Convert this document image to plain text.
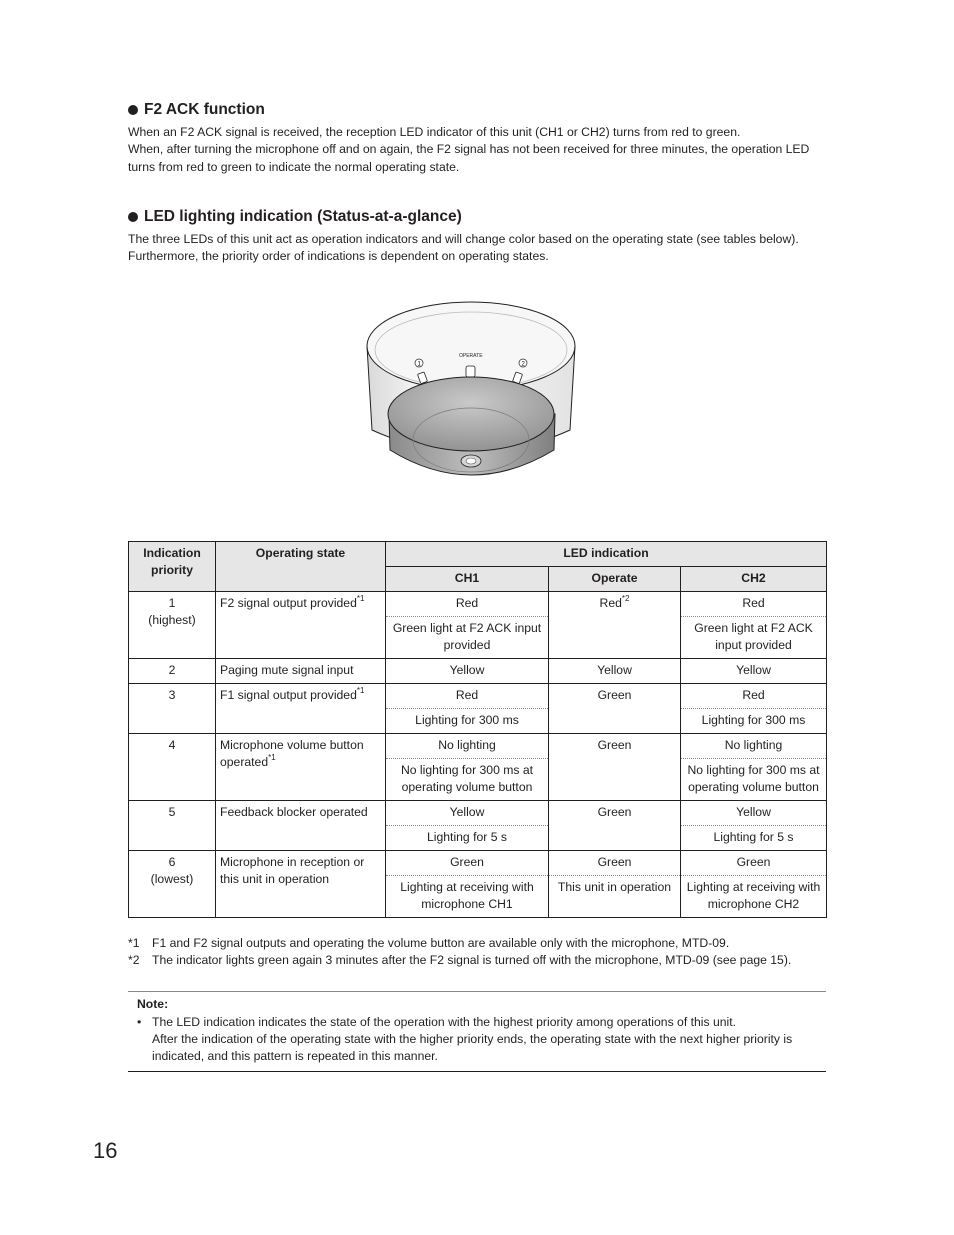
F2 ACK function

When an F2 ACK signal is received, the reception LED indicator of this unit (CH1 or CH2) turns from red to green.

When, after turning the microphone off and on again, the F2 signal has not been received for three minutes, the operation LED turns from red to green to indicate the normal operating state.

LED lighting indication (Status-at-a-glance)

The three LEDs of this unit act as operation indicators and will change color based on the operating state (see tables below).

Furthermore, the priority order of indications is dependent on operating states.

OPERATE
1	2
Indication priority	Operating state	LED indication		
		CH1	Operate	CH2

1
(highest)	F2 signal output provided$^{*1}$	Red	Red$^{*2}$	Red
		Green light at F2 ACK input provided		Green light at F2 ACK input provided
2	Paging mute signal input	Yellow	Yellow	Yellow
3	F1 signal output provided$^{*1}$	Red	Green	Red
		Lighting for 300 ms		Lighting for 300 ms
4	Microphone volume button operated$^{*1}$	No lighting	Green	No lighting
		No lighting for 300 ms at operating volume button		No lighting for 300 ms at operating volume button
5	Feedback blocker operated	Yellow	Green	Yellow
		Lighting for 5 s		Lighting for 5 s

6
(lowest)	Microphone in reception or this unit in operation	Green	Green	Green
		Lighting at receiving with microphone CH1	This unit in operation	Lighting at receiving with microphone CH2
*1	F1 and F2 signal outputs and operating the volume button are available only with the microphone, MTD-09.
*2	The indicator lights green again 3 minutes after the F2 signal is turned off with the microphone, MTD-09 (see page 15).
Note:
• The LED indication indicates the state of the operation with the highest priority among operations of this unit.
After the indication of the operating state with the higher priority ends, the operating state with the next higher priority is indicated, and this pattern is repeated in this manner.
16
